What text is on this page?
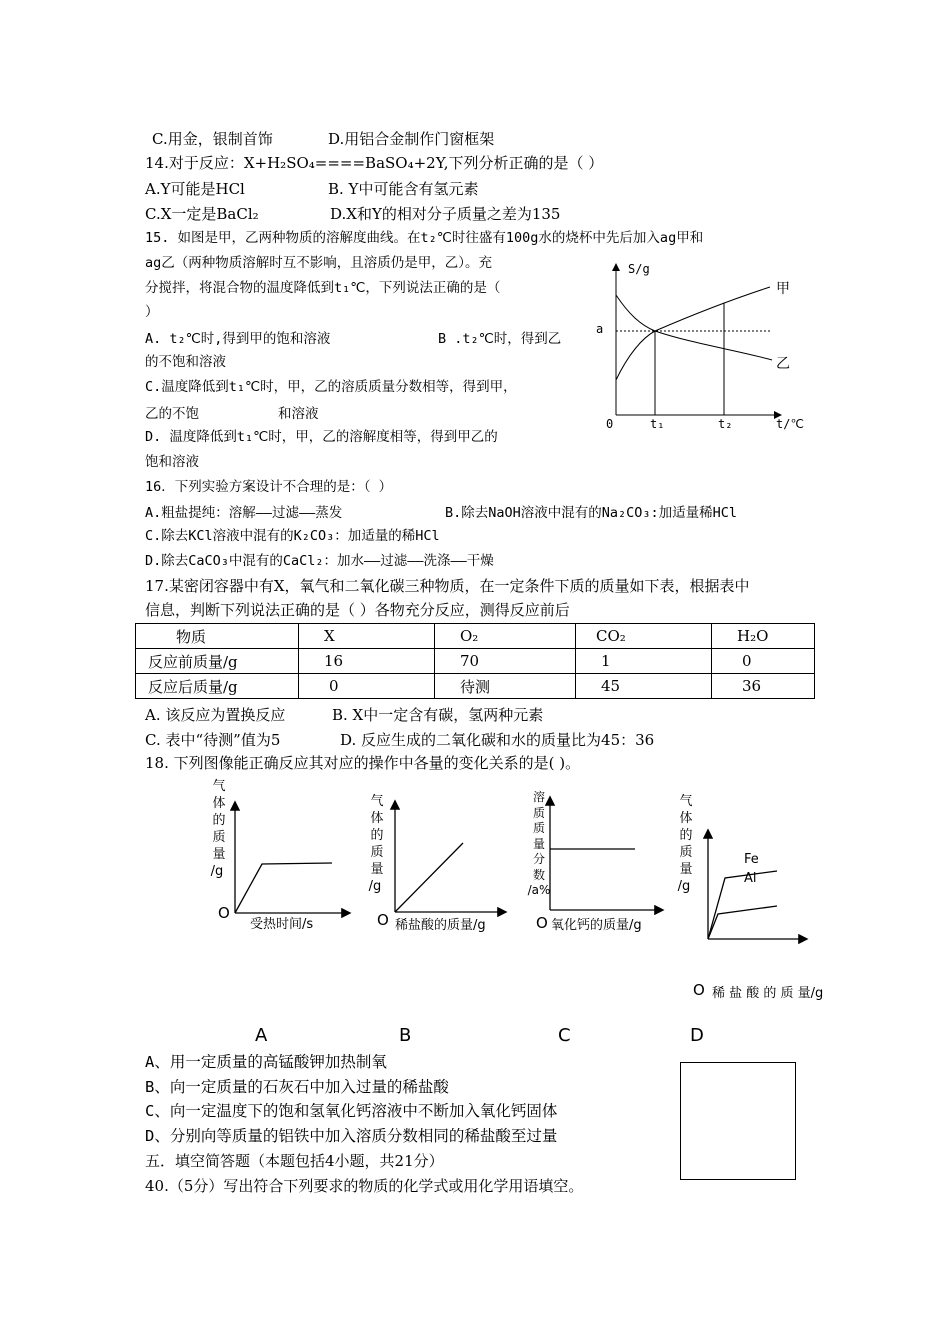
C.用金，银制首饰	D.用铝合金制作门窗框架
14.对于反应：X+H₂SO₄====BaSO₄+2Y,下列分析正确的是（ ）
A.Y可能是HCl	B. Y中可能含有氢元素
C.X一定是BaCl₂	D.X和Y的相对分子质量之差为135
15. 如图是甲，乙两种物质的溶解度曲线。在t₂℃时往盛有100g水的烧杯中先后加入ag甲和
ag乙（两种物质溶解时互不影响，且溶质仍是甲，乙）。充
分搅拌，将混合物的温度降低到t₁℃，下列说法正确的是（
）
A. t₂℃时,得到甲的饱和溶液	B .t₂℃时，得到乙
的不饱和溶液
C.温度降低到t₁℃时，甲，乙的溶质质量分数相等，得到甲，
乙的不饱	和溶液
D. 温度降低到t₁℃时，甲，乙的溶解度相等，得到甲乙的
饱和溶液
16．下列实验方案设计不合理的是：（ ）
A.粗盐提纯：溶解——过滤——蒸发	B.除去NaOH溶液中混有的Na₂CO₃:加适量稀HCl
C.除去KCl溶液中混有的K₂CO₃：加适量的稀HCl
D.除去CaCO₃中混有的CaCl₂：加水——过滤——洗涤——干燥
17.某密闭容器中有X，氧气和二氧化碳三种物质，在一定条件下质的质量如下表，根据表中
信息，判断下列说法正确的是（ ）各物充分反应，测得反应前后
物质	X	O₂	CO₂	H₂O
反应前质量/g	16	70	1	0
反应后质量/g	0	待测	45	36
A. 该反应为置换反应	B. X中一定含有碳，氢两种元素
C. 表中“待测”值为5	D. 反应生成的二氧化碳和水的质量比为45：36
18. 下列图像能正确反应其对应的操作中各量的变化关系的是( )。
S/g
t/℃
0
a
t₁	t₂
甲
乙
气
体
的
质
量
/g
O
受热时间/s
气
体
的
质
量
/g
O 稀盐酸的质量/g
溶
质
质
量
分
数
/a%
O 氧化钙的质量/g
气
体
的
质
量
/g
Fe
Al
O 稀 盐 酸 的 质 量/g
A	B	C	D
A、用一定质量的高锰酸钾加热制氧
B、向一定质量的石灰石中加入过量的稀盐酸
C、向一定温度下的饱和氢氧化钙溶液中不断加入氧化钙固体
D、分别向等质量的铝铁中加入溶质分数相同的稀盐酸至过量
五．填空简答题（本题包括4小题，共21分）
40.（5分）写出符合下列要求的物质的化学式或用化学用语填空。
